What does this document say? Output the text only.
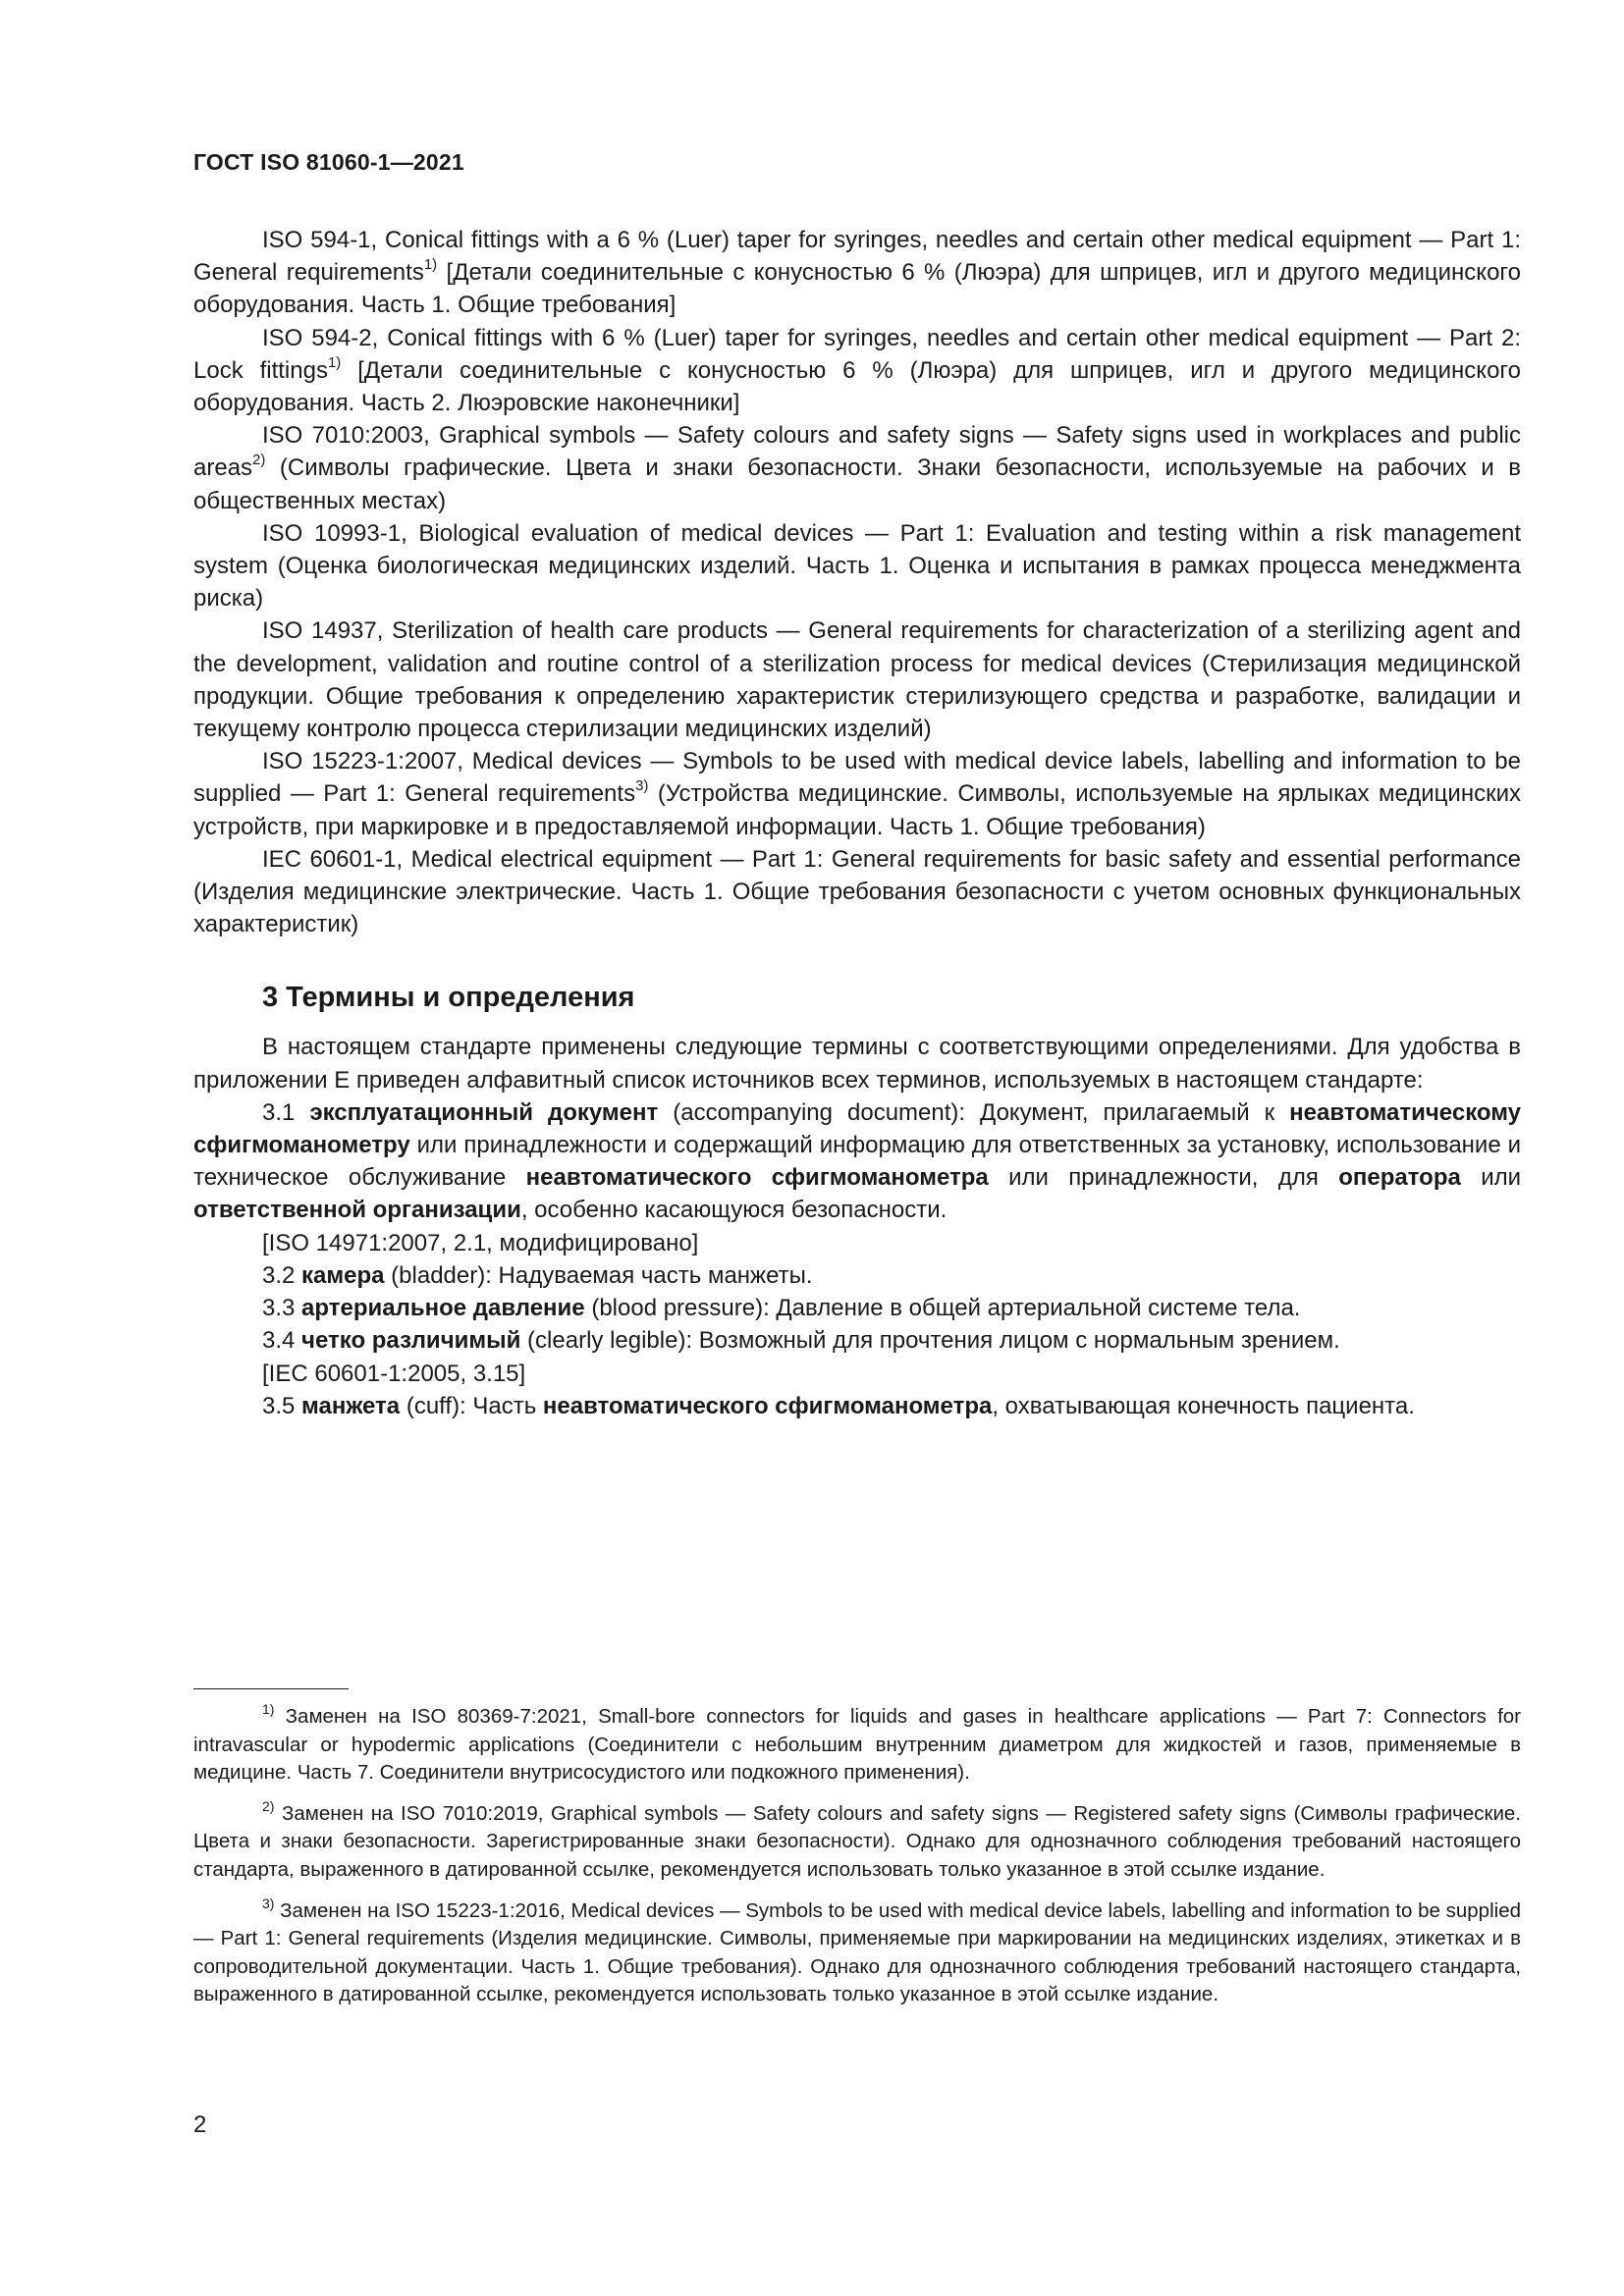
ГОСТ ISO 81060-1—2021

ISO 594-1, Conical fittings with a 6 % (Luer) taper for syringes, needles and certain other medical equipment — Part 1: General requirements$^{1)}$ [Детали соединительные с конусностью 6 % (Люэра) для шприцев, игл и другого медицинского оборудования. Часть 1. Общие требования]

ISO 594-2, Conical fittings with 6 % (Luer) taper for syringes, needles and certain other medical equipment — Part 2: Lock fittings$^{1)}$ [Детали соединительные с конусностью 6 % (Люэра) для шприцев, игл и другого медицинского оборудования. Часть 2. Люэровские наконечники]

ISO 7010:2003, Graphical symbols — Safety colours and safety signs — Safety signs used in workplaces and public areas$^{2)}$ (Символы графические. Цвета и знаки безопасности. Знаки безопасности, используемые на рабочих и в общественных местах)

ISO 10993-1, Biological evaluation of medical devices — Part 1: Evaluation and testing within a risk management system (Оценка биологическая медицинских изделий. Часть 1. Оценка и испытания в рамках процесса менеджмента риска)

ISO 14937, Sterilization of health care products — General requirements for characterization of a sterilizing agent and the development, validation and routine control of a sterilization process for medical devices (Стерилизация медицинской продукции. Общие требования к определению характеристик стерилизующего средства и разработке, валидации и текущему контролю процесса стерилизации медицинских изделий)

ISO 15223-1:2007, Medical devices — Symbols to be used with medical device labels, labelling and information to be supplied — Part 1: General requirements$^{3)}$ (Устройства медицинские. Символы, используемые на ярлыках медицинских устройств, при маркировке и в предоставляемой информации. Часть 1. Общие требования)

IEC 60601-1, Medical electrical equipment — Part 1: General requirements for basic safety and essential performance (Изделия медицинские электрические. Часть 1. Общие требования безопасности с учетом основных функциональных характеристик)

3 Термины и определения

В настоящем стандарте применены следующие термины с соответствующими определениями. Для удобства в приложении E приведен алфавитный список источников всех терминов, используемых в настоящем стандарте:

3.1 эксплуатационный документ (accompanying document): Документ, прилагаемый к неавтоматическому сфигмоманометру или принадлежности и содержащий информацию для ответственных за установку, использование и техническое обслуживание неавтоматического сфигмоманометра или принадлежности, для оператора или ответственной организации, особенно касающуюся безопасности.

[ISO 14971:2007, 2.1, модифицировано]

3.2 камера (bladder): Надуваемая часть манжеты.

3.3 артериальное давление (blood pressure): Давление в общей артериальной системе тела.

3.4 четко различимый (clearly legible): Возможный для прочтения лицом с нормальным зрением.

[IEC 60601-1:2005, 3.15]

3.5 манжета (cuff): Часть неавтоматического сфигмоманометра, охватывающая конечность пациента.

$^{1)}$ Заменен на ISO 80369-7:2021, Small-bore connectors for liquids and gases in healthcare applications — Part 7: Connectors for intravascular or hypodermic applications (Соединители с небольшим внутренним диаметром для жидкостей и газов, применяемые в медицине. Часть 7. Соединители внутрисосудистого или подкожного применения).

$^{2)}$ Заменен на ISO 7010:2019, Graphical symbols — Safety colours and safety signs — Registered safety signs (Символы графические. Цвета и знаки безопасности. Зарегистрированные знаки безопасности). Однако для однозначного соблюдения требований настоящего стандарта, выраженного в датированной ссылке, рекомендуется использовать только указанное в этой ссылке издание.

$^{3)}$ Заменен на ISO 15223-1:2016, Medical devices — Symbols to be used with medical device labels, labelling and information to be supplied — Part 1: General requirements (Изделия медицинские. Символы, применяемые при маркировании на медицинских изделиях, этикетках и в сопроводительной документации. Часть 1. Общие требования). Однако для однозначного соблюдения требований настоящего стандарта, выраженного в датированной ссылке, рекомендуется использовать только указанное в этой ссылке издание.

2
